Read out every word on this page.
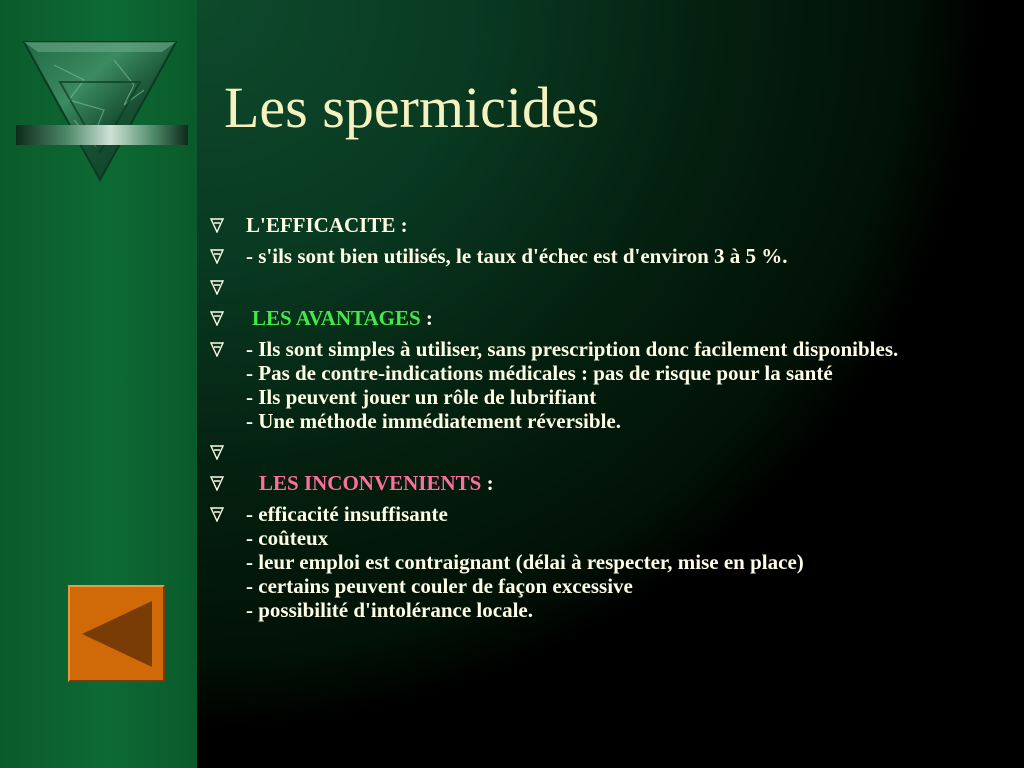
Les spermicides
L'EFFICACITE :
- s'ils sont bien utilisés, le taux d'échec est d'environ 3 à 5 %.
LES AVANTAGES :
- Ils sont simples à utiliser, sans prescription donc facilement disponibles.
- Pas de contre-indications médicales : pas de risque pour la santé
- Ils peuvent jouer un rôle de lubrifiant
- Une méthode immédiatement réversible.
LES INCONVENIENTS :
- efficacité insuffisante
- coûteux
- leur emploi est contraignant (délai à respecter, mise en place)
- certains peuvent couler de façon excessive
- possibilité d'intolérance locale.
